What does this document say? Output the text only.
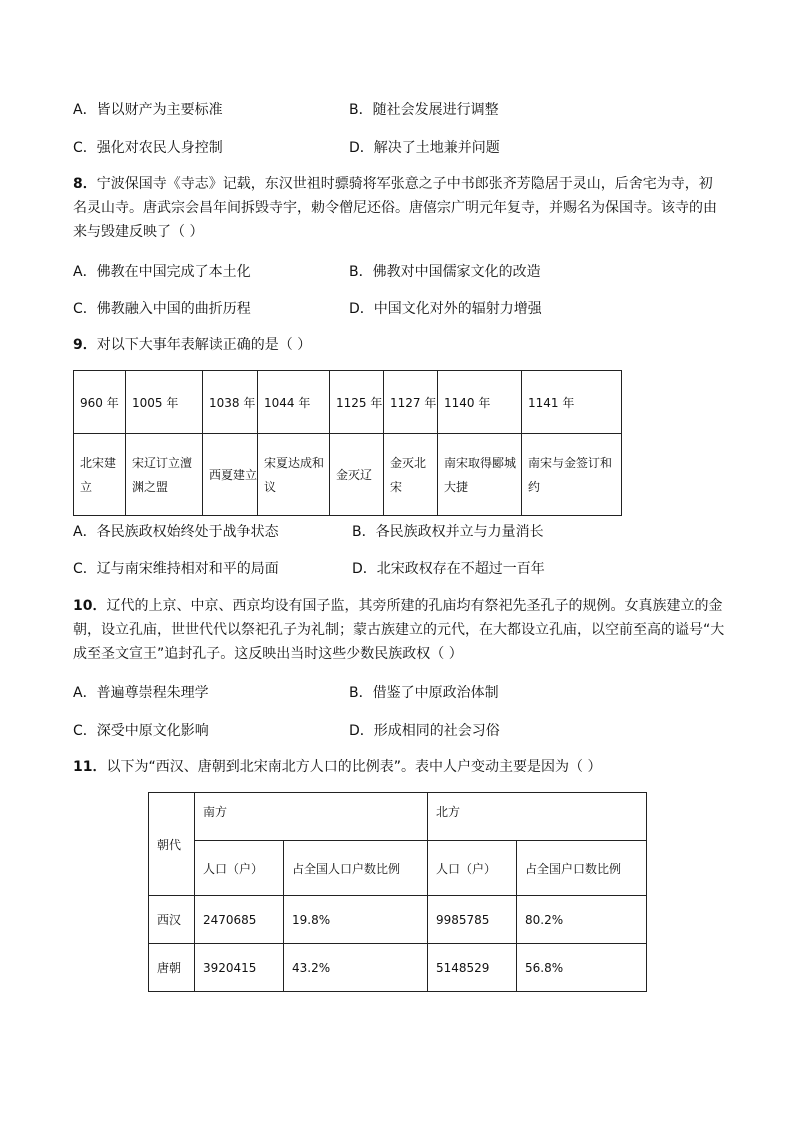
A．皆以财产为主要标准	B．随社会发展进行调整
C．强化对农民人身控制	D．解决了土地兼并问题
8．宁波保国寺《寺志》记载，东汉世祖时骠骑将军张意之子中书郎张齐芳隐居于灵山，后舍宅为寺，初
名灵山寺。唐武宗会昌年间拆毁寺宇，勅令僧尼还俗。唐僖宗广明元年复寺，并赐名为保国寺。该寺的由
来与毁建反映了（ ）
A．佛教在中国完成了本土化	B．佛教对中国儒家文化的改造
C．佛教融入中国的曲折历程	D．中国文化对外的辐射力增强
9．对以下大事年表解读正确的是（ ）
960 年	1005 年	1038 年	1044 年	1125 年	1127 年	1140 年	1141 年
北宋建立	宋辽订立澶渊之盟	西夏建立	宋夏达成和议	金灭辽	金灭北宋	南宋取得郾城大捷	南宋与金签订和约
A．各民族政权始终处于战争状态	B．各民族政权并立与力量消长
C．辽与南宋维持相对和平的局面	D．北宋政权存在不超过一百年
10．辽代的上京、中京、西京均设有国子监，其旁所建的孔庙均有祭祀先圣孔子的规例。女真族建立的金
朝，设立孔庙，世世代代以祭祀孔子为礼制；蒙古族建立的元代，在大都设立孔庙，以空前至高的谥号“大
成至圣文宣王”追封孔子。这反映出当时这些少数民族政权（ ）
A．普遍尊崇程朱理学	B．借鉴了中原政治体制
C．深受中原文化影响	D．形成相同的社会习俗
11．以下为“西汉、唐朝到北宋南北方人口的比例表”。表中人户变动主要是因为（ ）
朝代	南方		北方	
	人口（户）	占全国人口户数比例	人口（户）	占全国户口数比例
西汉	2470685	19.8%	9985785	80.2%
唐朝	3920415	43.2%	5148529	56.8%
